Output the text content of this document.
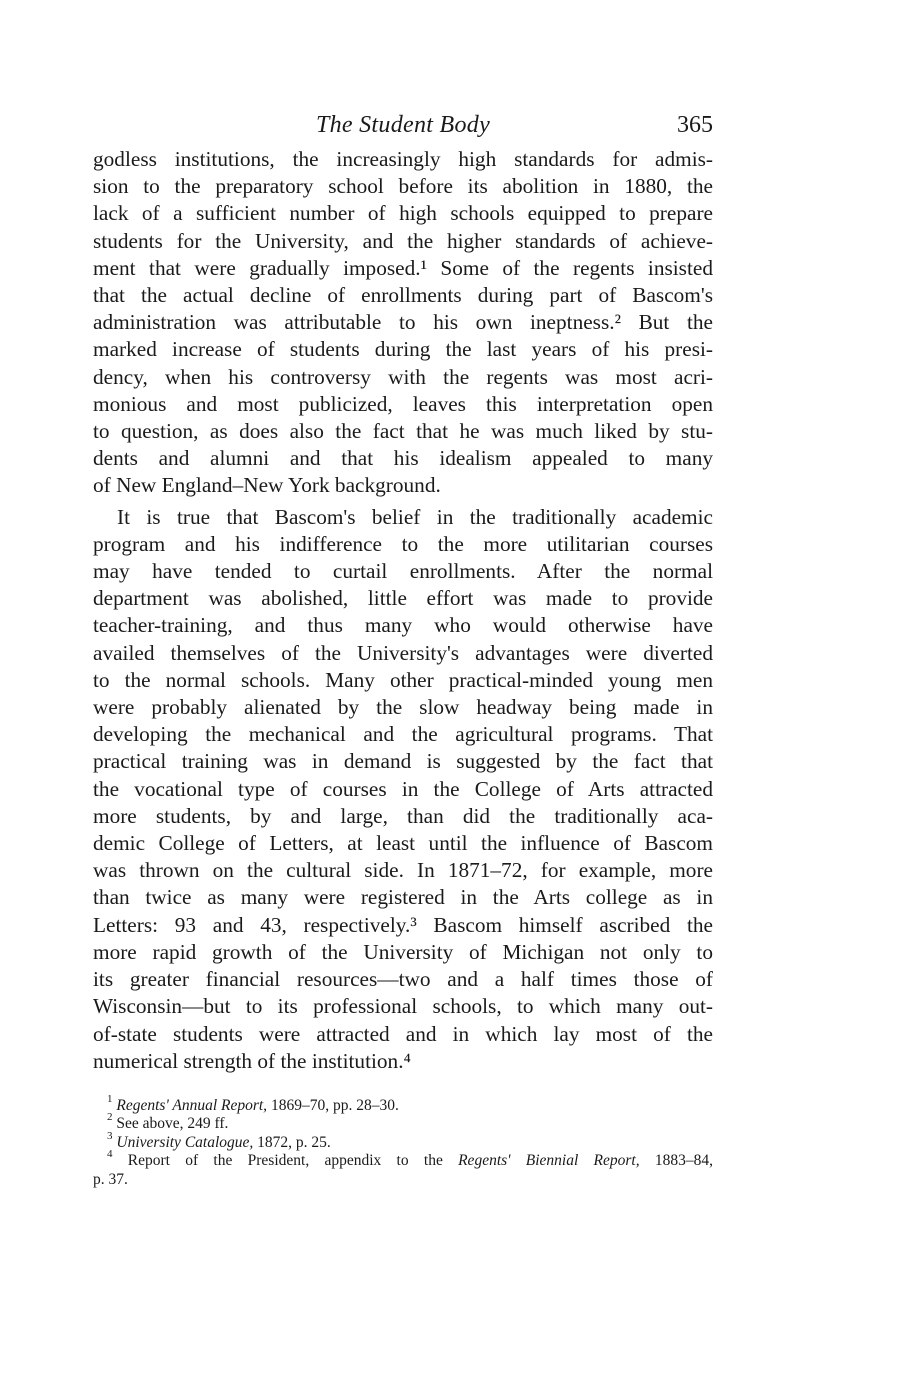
The Student Body	365

godless institutions, the increasingly high standards for admis-
sion to the preparatory school before its abolition in 1880, the
lack of a sufficient number of high schools equipped to prepare
students for the University, and the higher standards of achieve-
ment that were gradually imposed.¹ Some of the regents insisted
that the actual decline of enrollments during part of Bascom's
administration was attributable to his own ineptness.² But the
marked increase of students during the last years of his presi-
dency, when his controversy with the regents was most acri-
monious and most publicized, leaves this interpretation open
to question, as does also the fact that he was much liked by stu-
dents and alumni and that his idealism appealed to many
of New England–New York background.

It is true that Bascom's belief in the traditionally academic
program and his indifference to the more utilitarian courses
may have tended to curtail enrollments. After the normal
department was abolished, little effort was made to provide
teacher-training, and thus many who would otherwise have
availed themselves of the University's advantages were diverted
to the normal schools. Many other practical-minded young men
were probably alienated by the slow headway being made in
developing the mechanical and the agricultural programs. That
practical training was in demand is suggested by the fact that
the vocational type of courses in the College of Arts attracted
more students, by and large, than did the traditionally aca-
demic College of Letters, at least until the influence of Bascom
was thrown on the cultural side. In 1871–72, for example, more
than twice as many were registered in the Arts college as in
Letters: 93 and 43, respectively.³ Bascom himself ascribed the
more rapid growth of the University of Michigan not only to
its greater financial resources—two and a half times those of
Wisconsin—but to its professional schools, to which many out-
of-state students were attracted and in which lay most of the
numerical strength of the institution.⁴

$^1$ Regents' Annual Report, 1869–70, pp. 28–30.
$^2$ See above, 249 ff.
$^3$ University Catalogue, 1872, p. 25.
$^4$ Report of the President, appendix to the Regents' Biennial Report, 1883–84,
p. 37.
